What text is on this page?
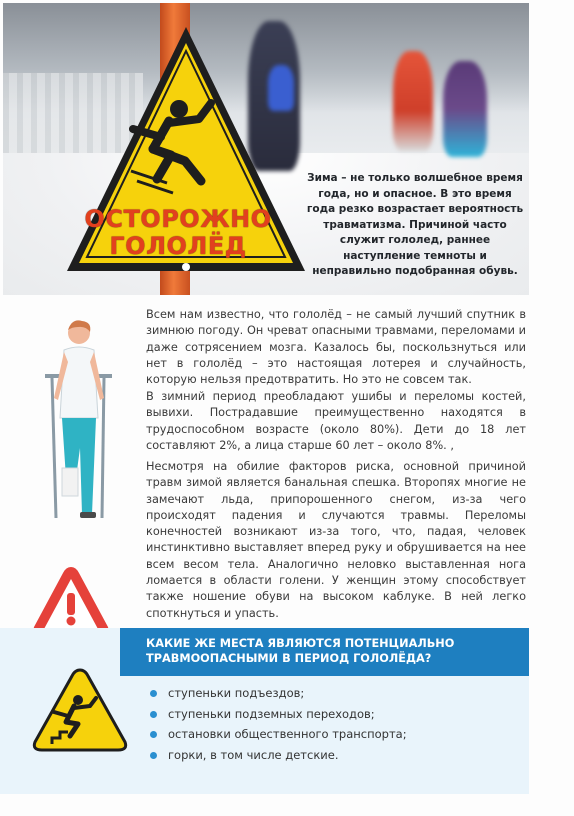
ОСТОРОЖНО
ГОЛОЛЁД
Зима – не только волшебное время года, но и опасное. В это время года резко возрастает вероятность травматизма. Причиной часто служит гололед, раннее наступление темноты и неправильно подобранная обувь.
Всем нам известно, что гололёд – не самый лучший спутник в зимнюю погоду. Он чреват опасными травмами, переломами и даже сотрясением мозга. Казалось бы, поскользнуться или нет в гололёд – это настоящая лотерея и случайность, которую нельзя предотвратить. Но это не совсем так.
В зимний период преобладают ушибы и переломы костей, вывихи. Пострадавшие преимущественно находятся в трудоспособном возрасте (около 80%). Дети до 18 лет составляют 2%, а лица старше 60 лет – около 8%. ,
Несмотря на обилие факторов риска, основной причиной травм зимой является банальная спешка. Второпях многие не замечают льда, припорошенного снегом, из-за чего происходят падения и случаются травмы. Переломы конечностей возникают из-за того, что, падая, человек инстинктивно выставляет вперед руку и обрушивается на нее всем весом тела. Аналогично неловко выставленная нога ломается в области голени. У женщин этому способствует также ношение обуви на высоком каблуке. В ней легко споткнуться и упасть.
КАКИЕ ЖЕ МЕСТА ЯВЛЯЮТСЯ ПОТЕНЦИАЛЬНО ТРАВМООПАСНЫМИ В ПЕРИОД ГОЛОЛЁДА?
ступеньки подъездов;
ступеньки подземных переходов;
остановки общественного транспорта;
горки, в том числе детские.
